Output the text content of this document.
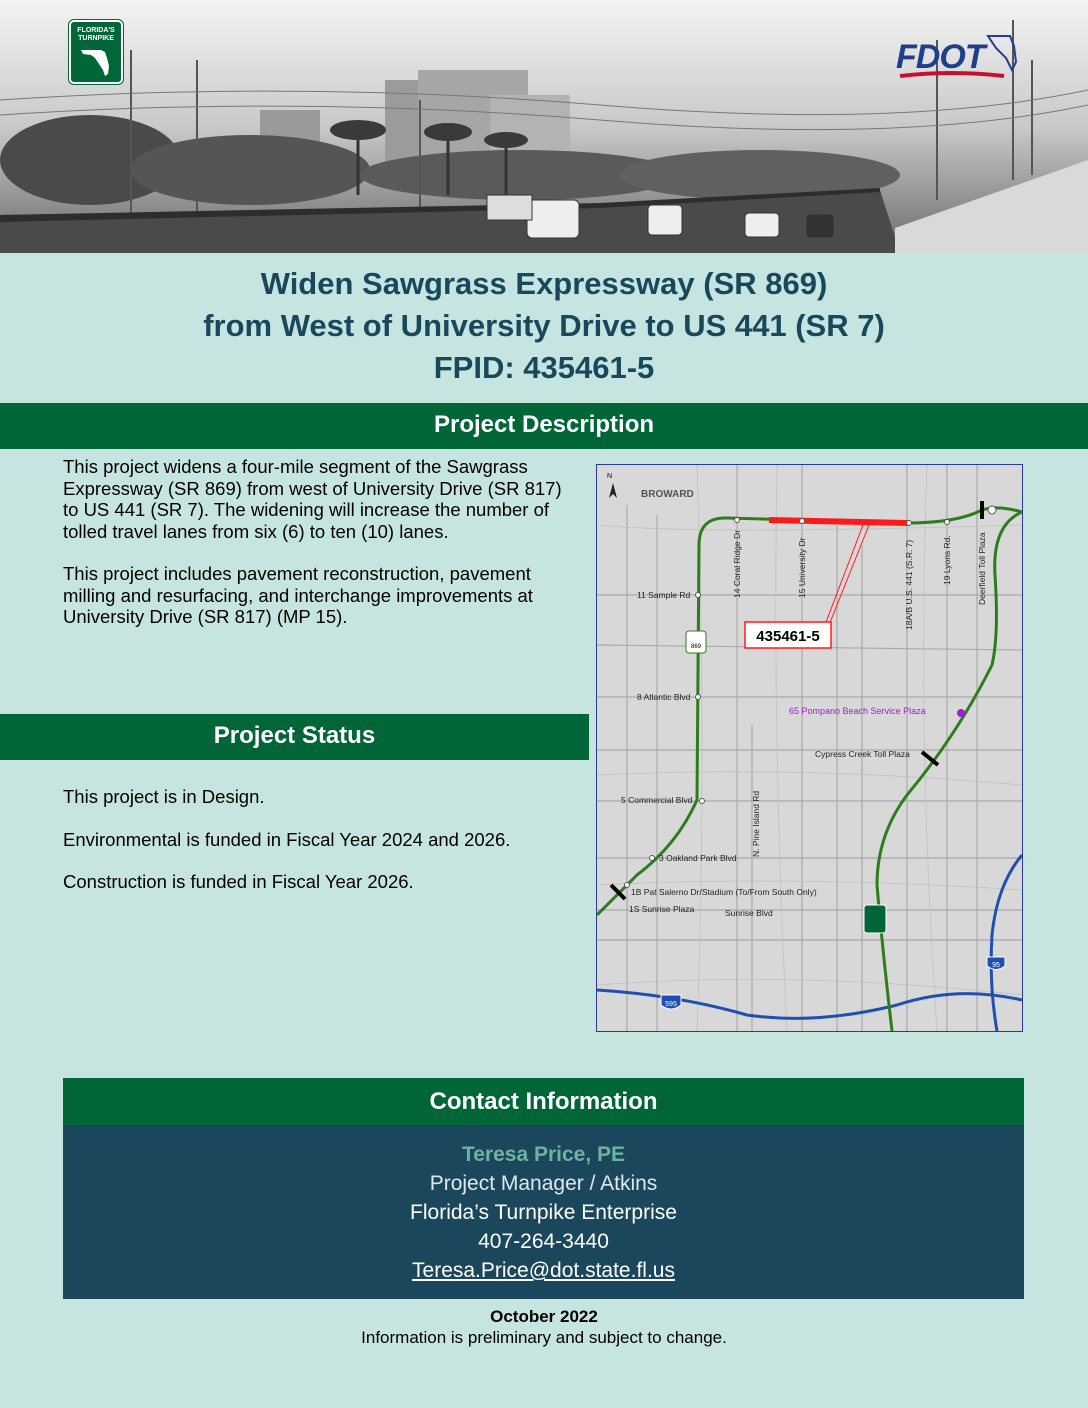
FLORIDA'S TURNPIKE	FDOT
Widen Sawgrass Expressway (SR 869)
from West of University Drive to US 441 (SR 7)
FPID: 435461-5
Project Description

This project widens a four-mile segment of the Sawgrass Expressway (SR 869) from west of University Drive (SR 817) to US 441 (SR 7). The widening will increase the number of tolled travel lanes from six (6) to ten (10) lanes.

This project includes pavement reconstruction, pavement milling and resurfacing, and interchange improvements at University Drive (SR 817) (MP 15).

Project Status

This project is in Design.

Environmental is funded in Fiscal Year 2024 and 2026.

Construction is funded in Fiscal Year 2026.

N
BROWARD
14 Coral Ridge Dr	15 University Dr	18A/B U.S. 441 (S.R. 7)	19 Lyons Rd.	Deerfield Toll Plaza
11 Sample Rd
8 Atlantic Blvd
Cypress Creek Toll Plaza
5 Commercial Blvd	N. Pine Island Rd
3 Oakland Park Blvd
1B Pat Salerno Dr/Stadium (To/From South Only)
1S Sunrise Plaza	Sunrise Blvd
65 Pompano Beach Service Plaza
435461-5
869
595
95
Contact Information
Teresa Price, PE
Project Manager / Atkins
Florida’s Turnpike Enterprise
407-264-3440
Teresa.Price@dot.state.fl.us
October 2022
Information is preliminary and subject to change.
